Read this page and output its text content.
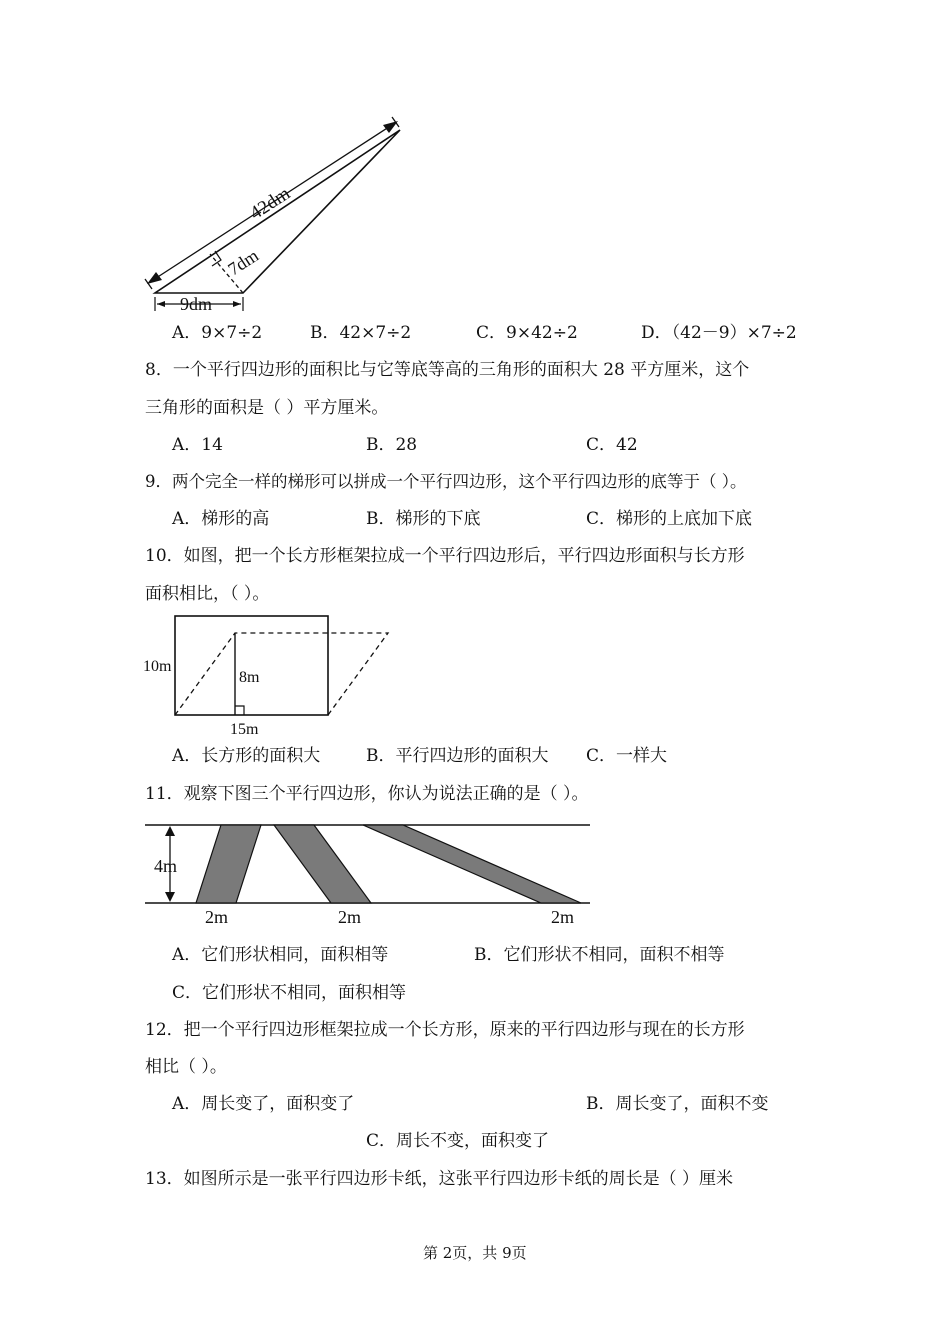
42dm
7dm
9dm
A．9×7÷2	B．42×7÷2	C．9×42÷2	D．（42－9）×7÷2
8．一个平行四边形的面积比与它等底等高的三角形的面积大 28 平方厘米，这个
三角形的面积是（ ）平方厘米。
A．14	B．28	C．42
9．两个完全一样的梯形可以拼成一个平行四边形，这个平行四边形的底等于（ ）。
A．梯形的高	B．梯形的下底	C．梯形的上底加下底
10．如图，把一个长方形框架拉成一个平行四边形后，平行四边形面积与长方形
面积相比，（ ）。
10m
8m
15m
A．长方形的面积大	B．平行四边形的面积大 C．一样大
11．观察下图三个平行四边形，你认为说法正确的是（ ）。
4m
2m	2m	2m
A．它们形状相同，面积相等	B．它们形状不相同，面积不相等
C．它们形状不相同，面积相等
12．把一个平行四边形框架拉成一个长方形，原来的平行四边形与现在的长方形
相比（ ）。
A．周长变了，面积变了	B．周长变了，面积不变
C．周长不变，面积变了
13．如图所示是一张平行四边形卡纸，这张平行四边形卡纸的周长是（ ）厘米
第 2页，共 9页
